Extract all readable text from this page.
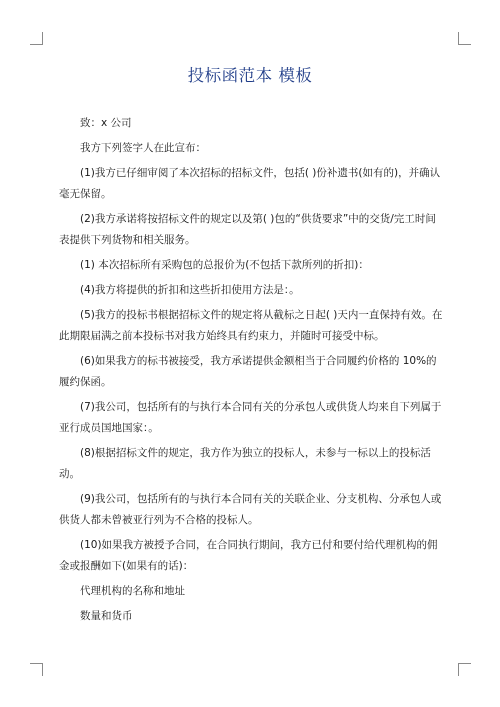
投标函范本 模板

致：x 公司

我方下列签字人在此宣布：

(1)我方已仔细审阅了本次招标的招标文件，包括( )份补遗书(如有的)，并确认毫无保留。

(2)我方承诺将按招标文件的规定以及第( )包的“供货要求”中的交货/完工时间表提供下列货物和相关服务。

(1) 本次招标所有采购包的总报价为(不包括下款所列的折扣)：

(4)我方将提供的折扣和这些折扣使用方法是：。

(5)我方的投标书根据招标文件的规定将从截标之日起( )天内一直保持有效。在此期限届满之前本投标书对我方始终具有约束力，并随时可接受中标。

(6)如果我方的标书被接受，我方承诺提供金额相当于合同履约价格的 10%的履约保函。

(7)我公司，包括所有的与执行本合同有关的分承包人或供货人均来自下列属于亚行成员国地国家：。

(8)根据招标文件的规定，我方作为独立的投标人，未参与一标以上的投标活动。

(9)我公司，包括所有的与执行本合同有关的关联企业、分支机构、分承包人或供货人都未曾被亚行列为不合格的投标人。

(10)如果我方被授予合同，在合同执行期间，我方已付和要付给代理机构的佣金或报酬如下(如果有的话)：

代理机构的名称和地址

数量和货币
